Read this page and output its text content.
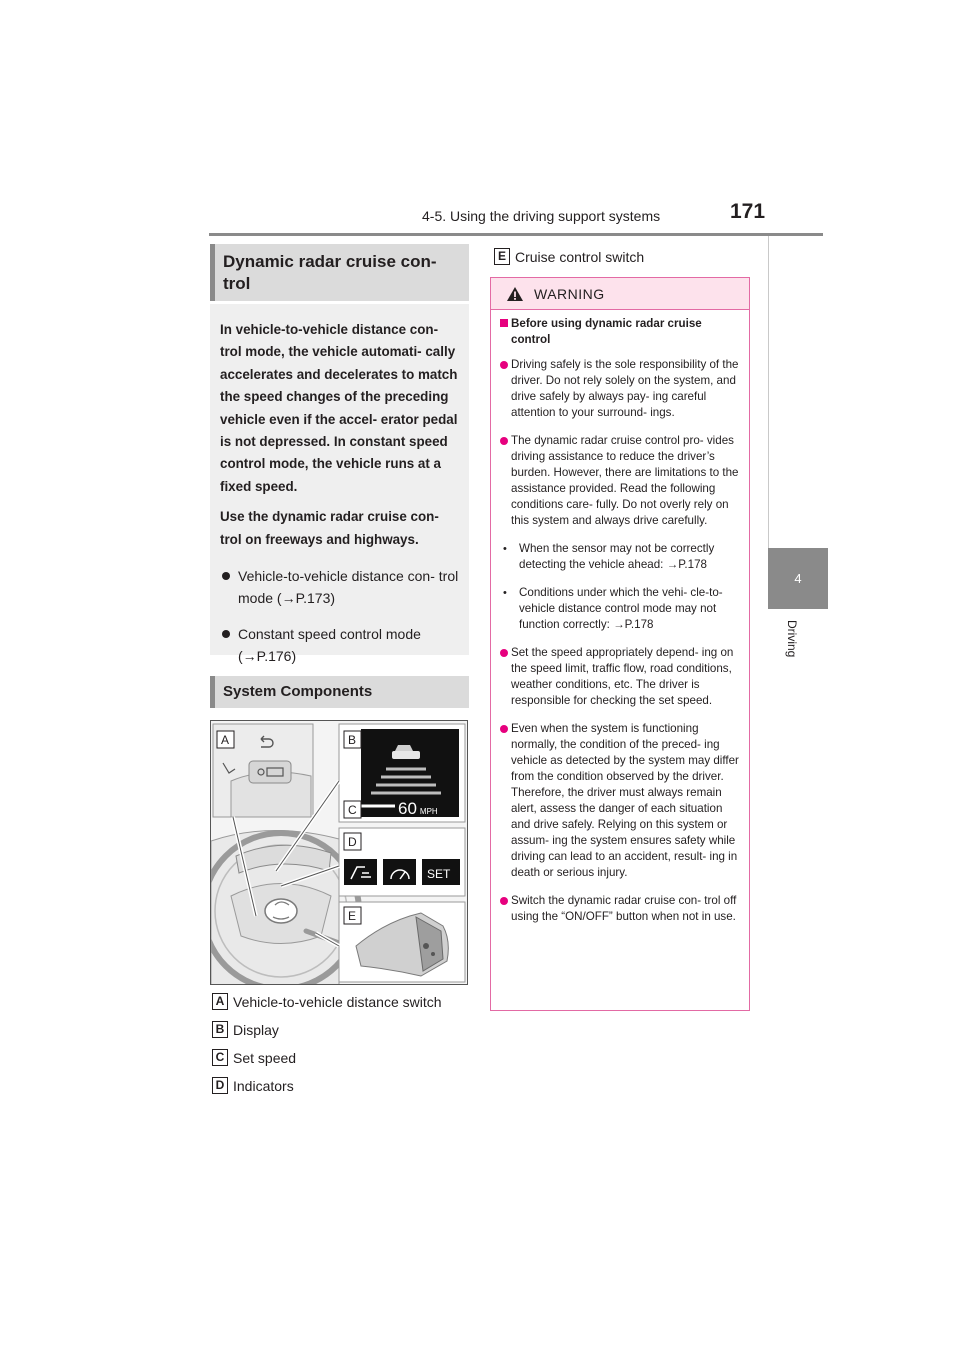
4-5. Using the driving support systems	171
4
Driving
Dynamic radar cruise con-
trol

In vehicle-to-vehicle distance con- trol mode, the vehicle automati- cally accelerates and decelerates to match the speed changes of the preceding vehicle even if the accel- erator pedal is not depressed. In constant speed control mode, the vehicle runs at a fixed speed.

Use the dynamic radar cruise con- trol on freeways and highways.

Vehicle-to-vehicle distance con- trol mode (→P.173)
Constant speed control mode (→P.176)
System Components
60 MPH
SET
A	B
C
D
E
A Vehicle-to-vehicle distance switch
B Display
C Set speed
D Indicators
E Cruise control switch
WARNING
Before using dynamic radar cruise control
Driving safely is the sole responsibility of the driver. Do not rely solely on the system, and drive safely by always pay- ing careful attention to your surround- ings.
The dynamic radar cruise control pro- vides driving assistance to reduce the driver’s burden. However, there are limitations to the assistance provided. Read the following conditions care- fully. Do not overly rely on this system and always drive carefully.
• When the sensor may not be correctly detecting the vehicle ahead: →P.178
• Conditions under which the vehi- cle-to-vehicle distance control mode may not function correctly: →P.178
Set the speed appropriately depend- ing on the speed limit, traffic flow, road conditions, weather conditions, etc. The driver is responsible for checking the set speed.
Even when the system is functioning normally, the condition of the preced- ing vehicle as detected by the system may differ from the condition observed by the driver. Therefore, the driver must always remain alert, assess the danger of each situation and drive safely. Relying on this system or assum- ing the system ensures safety while driving can lead to an accident, result- ing in death or serious injury.
Switch the dynamic radar cruise con- trol off using the “ON/OFF” button when not in use.
